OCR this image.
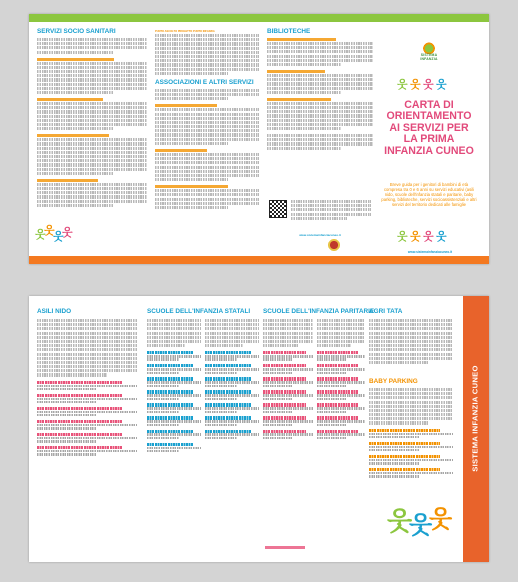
SERVIZI SOCIO SANITARI	PUNTO ASCOLTO PROGETTO PUNTO INFANZIA
ASSOCIAZIONI E ALTRI SERVIZI
BIBLIOTECHE
www.sistemainfanziacuneo.it
웃 웃 웃 웃
SISTEMA
INFANZIA
웃 웃 웃 웃
CARTA DI ORIENTAMENTO AI SERVIZI PER LA PRIMA INFANZIA CUNEO
Breve guida per i genitori di bambini di età compresa tra 0 e 6 anni su servizi educativi (asili nido, scuole dell'infanzia statali e paritarie, baby parking, biblioteche, servizi socioassistenziali e altri servizi del territorio dedicati alle famiglie
웃 웃 웃 웃
www.sistemainfanziacuneo.it
ASILI NIDO	SCUOLE DELL'INFANZIA STATALI SCUOLE DELL'INFANZIA PARITARIE
AGRI TATA
BABY PARKING
웃
웃
웃
SISTEMA INFANZIA CUNEO
